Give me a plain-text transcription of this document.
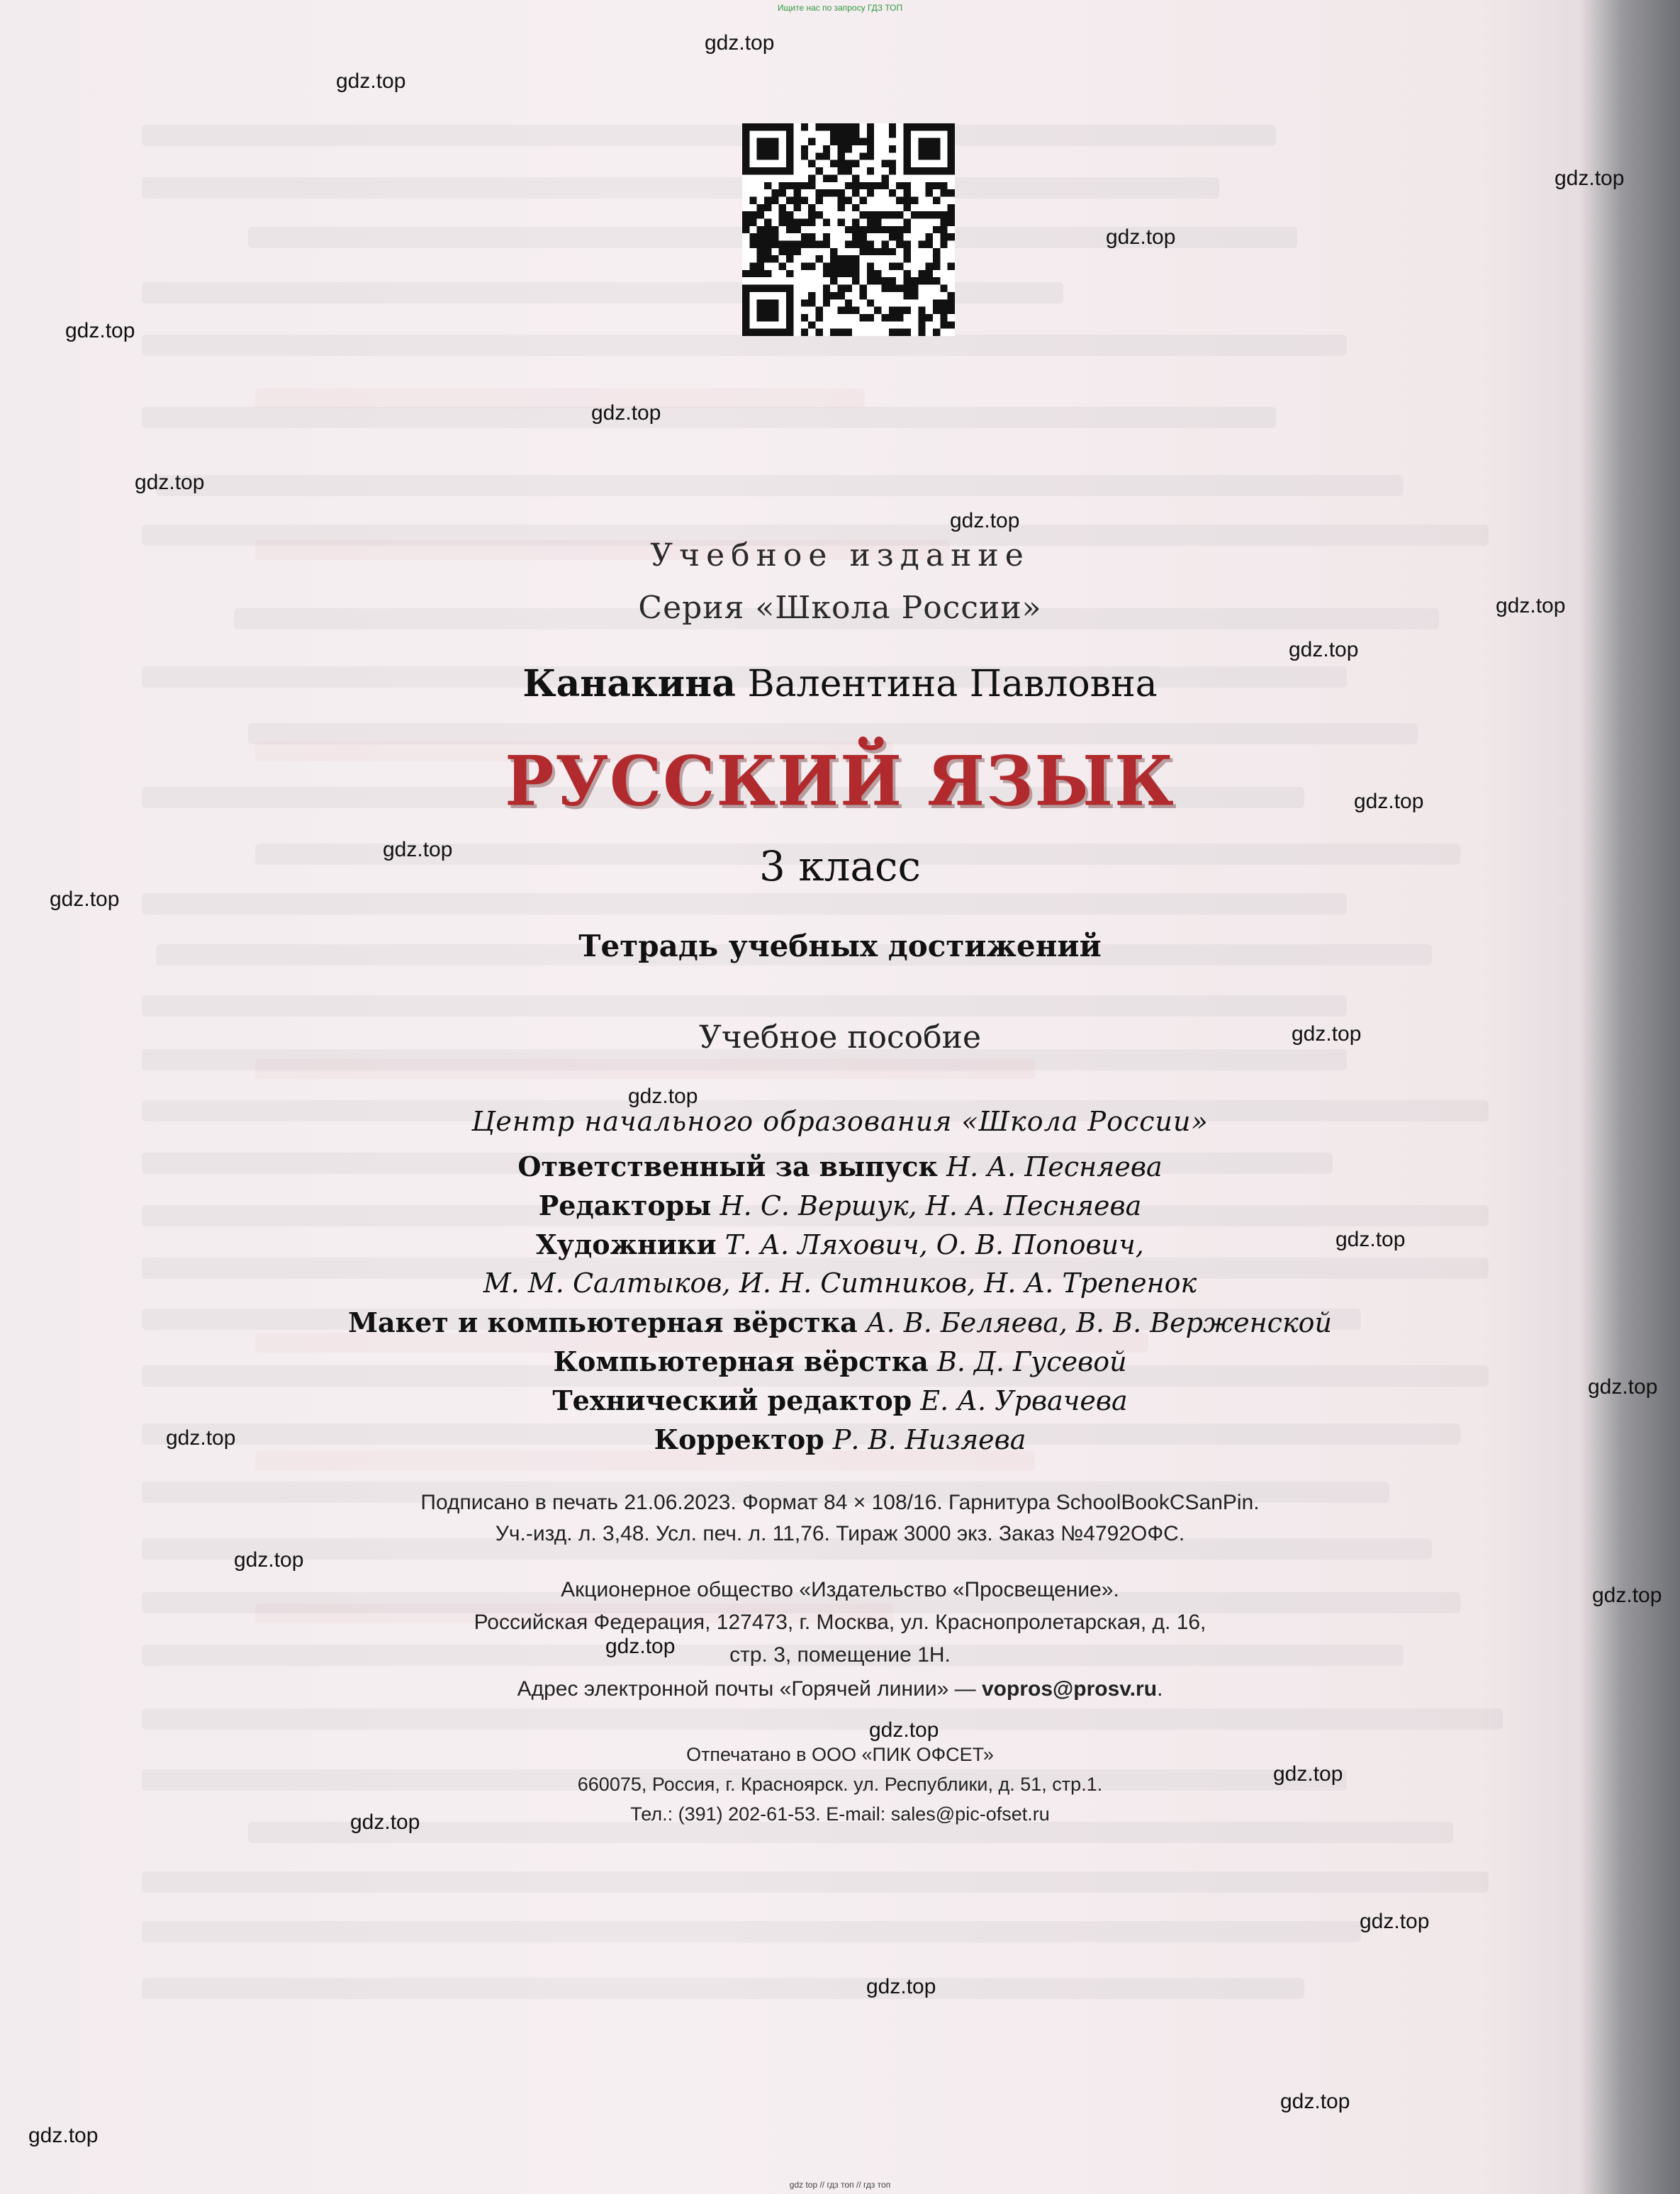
Ищите нас по запросу ГДЗ ТОП
gdz.top
gdz.top
gdz.top
gdz.top
gdz.top
gdz.top
gdz.top
gdz.top
gdz.top
gdz.top
gdz.top
gdz.top
gdz.top
gdz.top
gdz.top
gdz.top
gdz.top
gdz.top
gdz.top
gdz.top
gdz.top
gdz.top
gdz.top
gdz.top
gdz.top
gdz.top
gdz.top
gdz.top
Учебное издание
Серия «Школа России»
Канакина Валентина Павловна
РУССКИЙ ЯЗЫК
3 класс
Тетрадь учебных достижений
Учебное пособие
Центр начального образования «Школа России»
Ответственный за выпуск Н. А. Песняева
Редакторы Н. С. Вершук, Н. А. Песняева
Художники Т. А. Ляхович, О. В. Попович,
М. М. Салтыков, И. Н. Ситников, Н. А. Трепенок
Макет и компьютерная вёрстка А. В. Беляева, В. В. Верженской
Компьютерная вёрстка В. Д. Гусевой
Технический редактор Е. А. Урвачева
Корректор Р. В. Низяева
Подписано в печать 21.06.2023. Формат 84 × 108/16. Гарнитура SchoolBookCSanPin.
Уч.-изд. л. 3,48. Усл. печ. л. 11,76. Тираж 3000 экз. Заказ №4792ОФС.
Акционерное общество «Издательство «Просвещение».
Российская Федерация, 127473, г. Москва, ул. Краснопролетарская, д. 16,
стр. 3, помещение 1Н.
Адрес электронной почты «Горячей линии» — vopros@prosv.ru.
Отпечатано в ООО «ПИК ОФСЕТ»
660075, Россия, г. Красноярск. ул. Республики, д. 51, стр.1.
Тел.: (391) 202-61-53. E-mail: sales@pic-ofset.ru
gdz top // гдз топ // гдз топ
